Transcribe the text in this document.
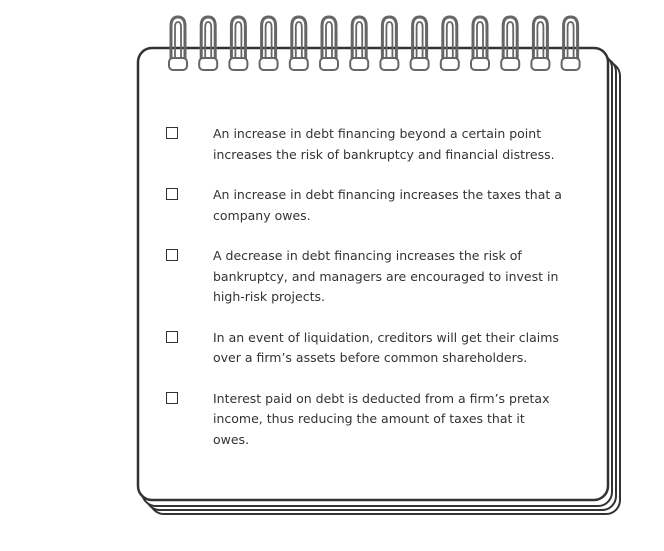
An increase in debt financing beyond a certain point increases the risk of bankruptcy and financial distress.
An increase in debt financing increases the taxes that a company owes.
A decrease in debt financing increases the risk of bankruptcy, and managers are encouraged to invest in high-risk projects.
In an event of liquidation, creditors will get their claims over a firm’s assets before common shareholders.
Interest paid on debt is deducted from a firm’s pretax income, thus reducing the amount of taxes that it owes.
